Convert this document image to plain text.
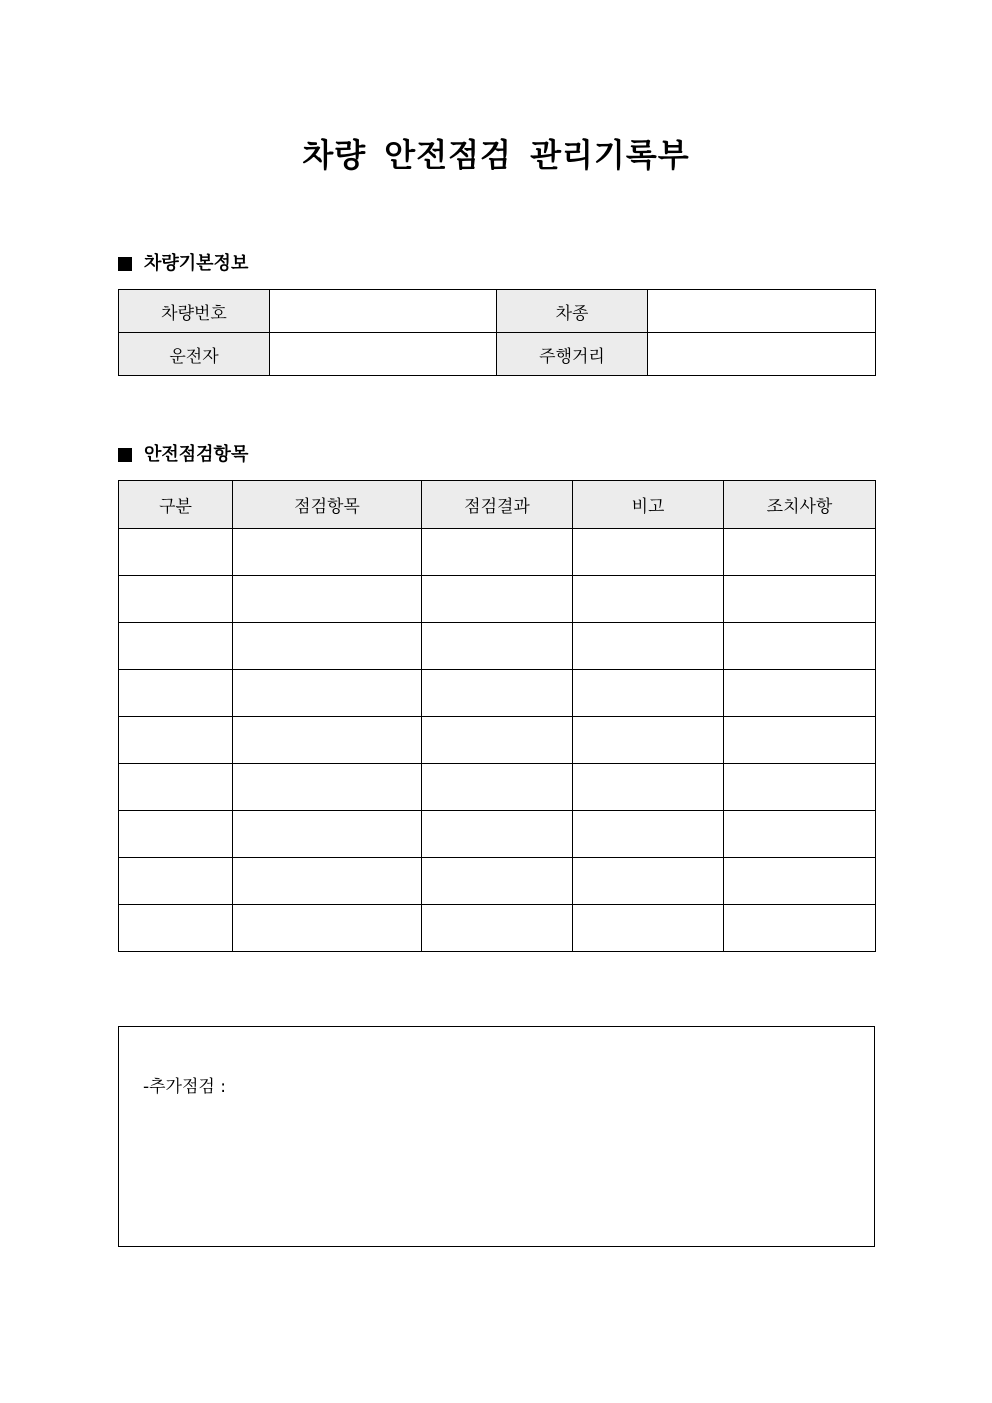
차량 안전점검 관리기록부
차량기본정보
차량번호		차종	
운전자		주행거리	
안전점검항목
구분	점검항목	점검결과	비고	조치사항

-추가점검 :
